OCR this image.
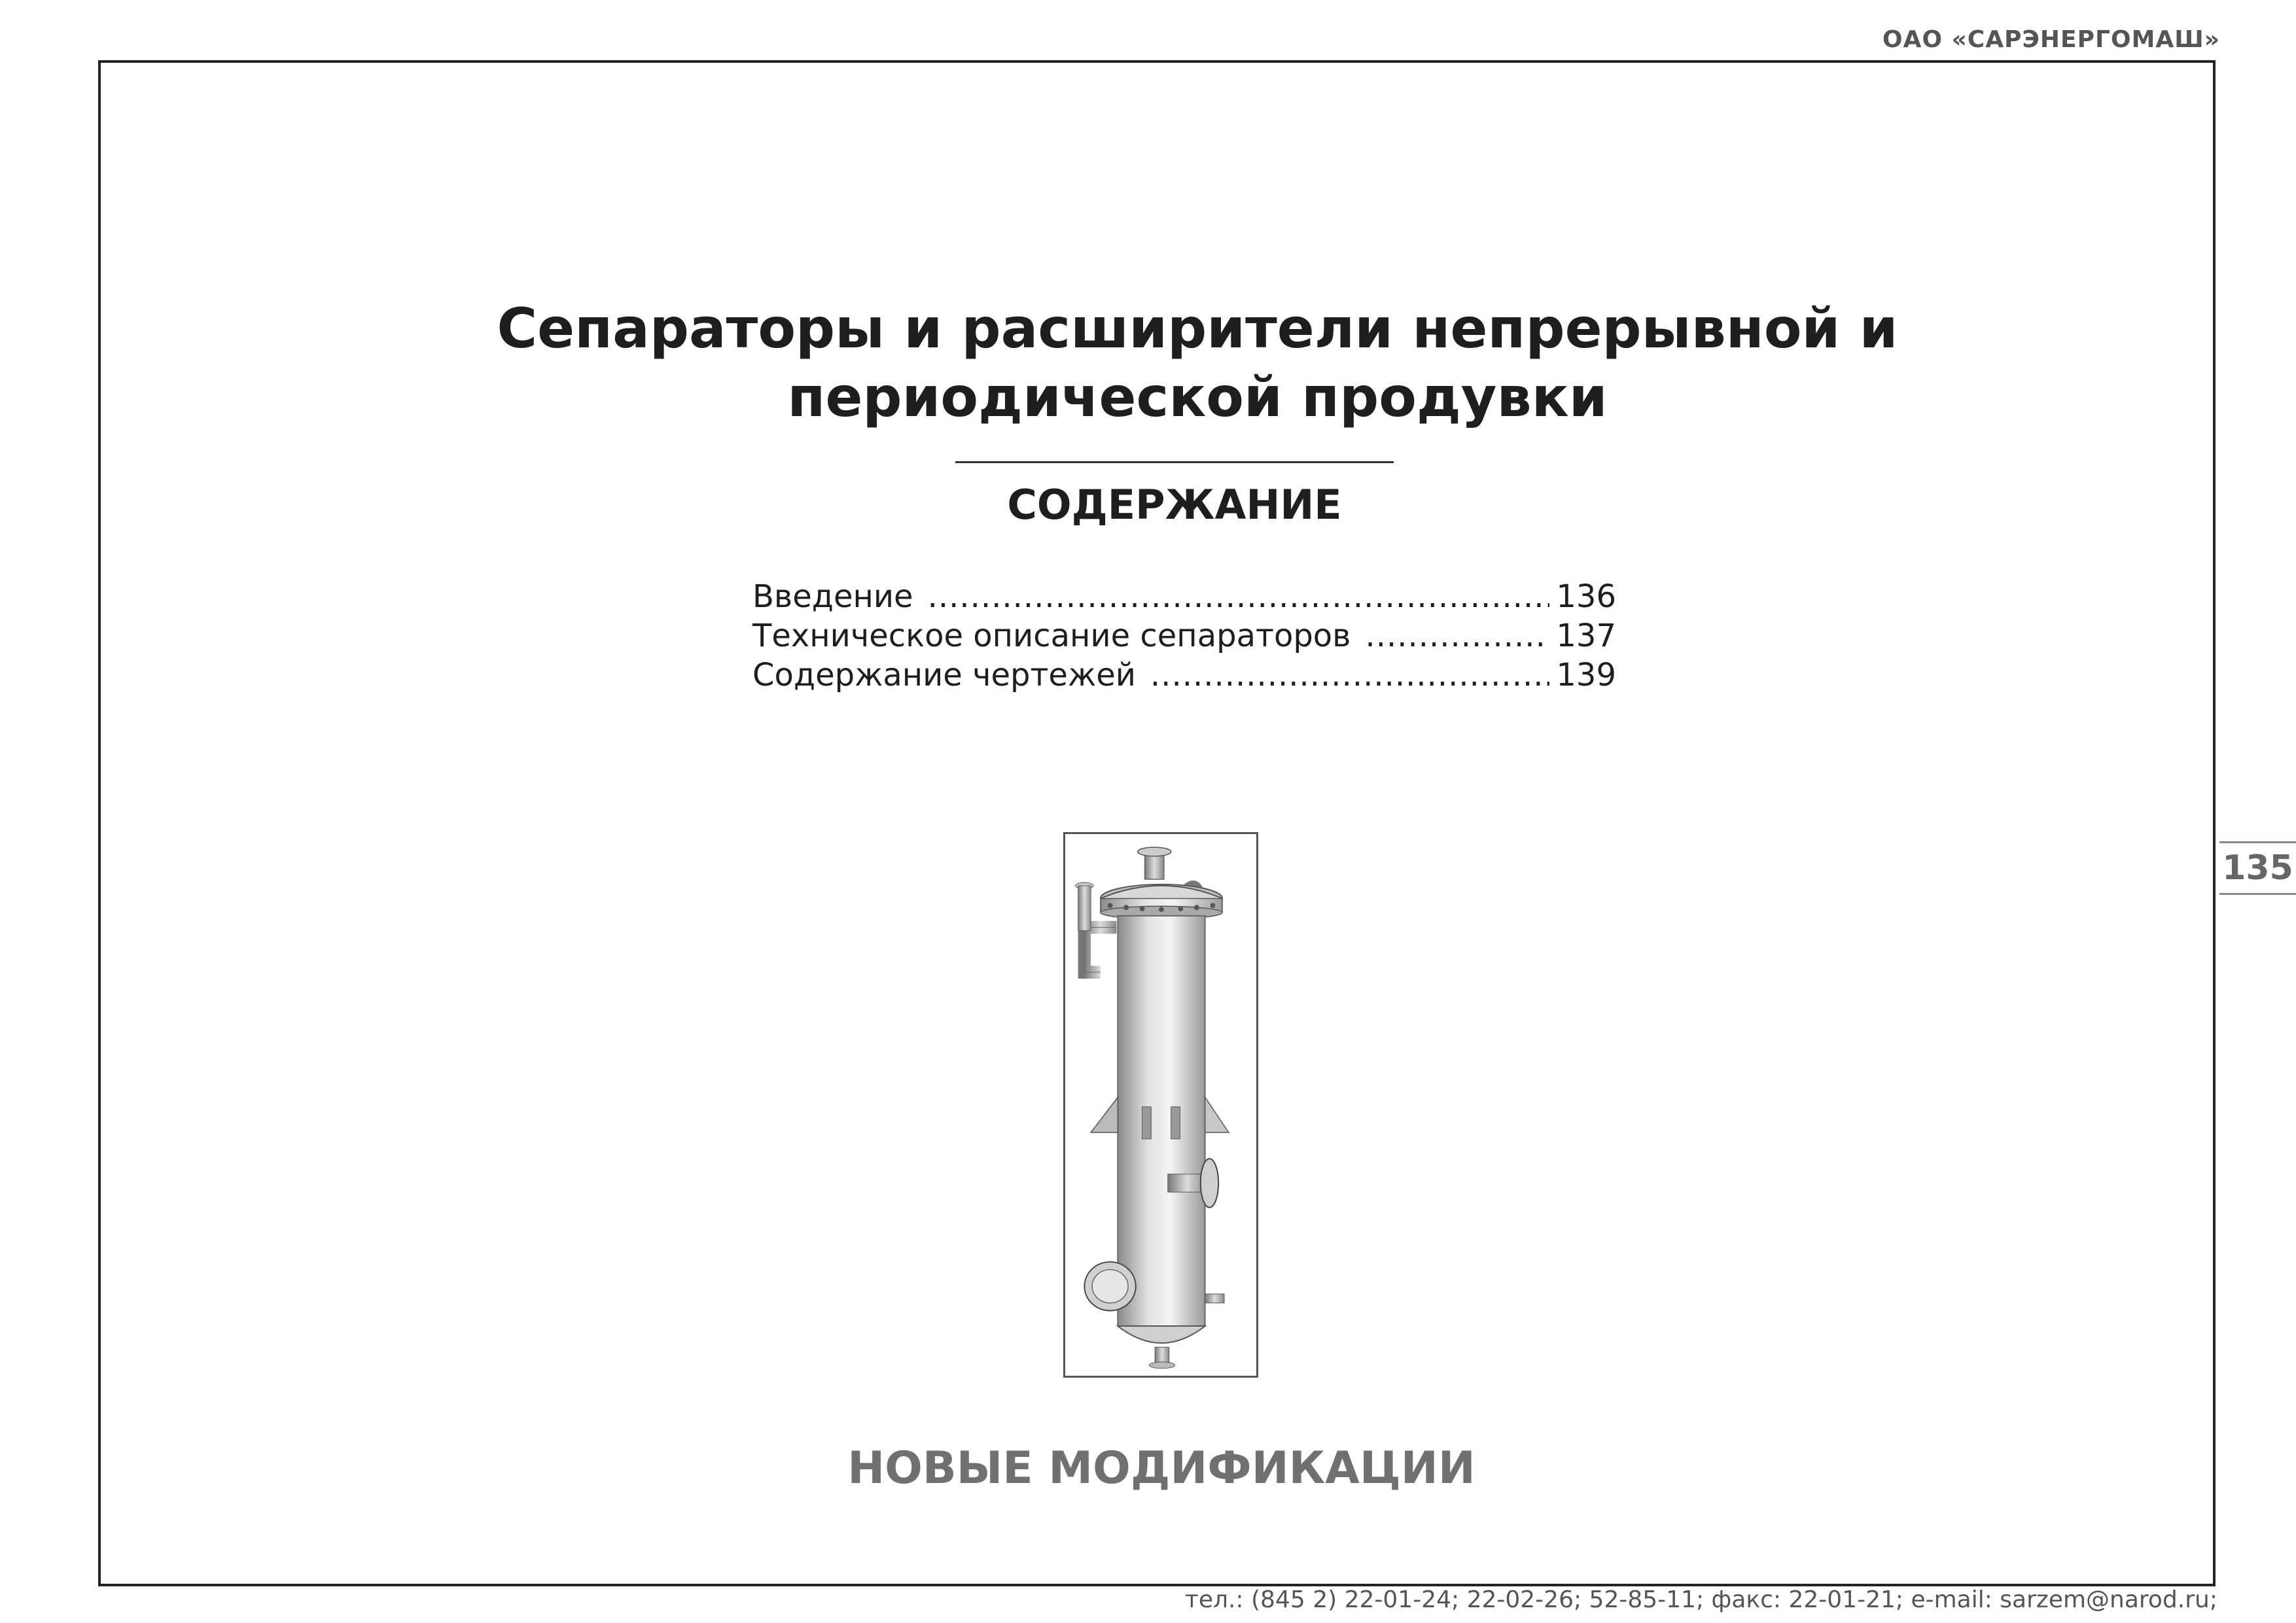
ОАО «САРЭНЕРГОМАШ»
Сепараторы и расширители непрерывной и
периодической продувки
СОДЕРЖАНИЕ
Введение .....	136
Техническое описание сепараторов .....	137
Содержание чертежей .....	139
135
НОВЫЕ МОДИФИКАЦИИ
тел.: (845 2) 22-01-24; 22-02-26; 52-85-11; факс: 22-01-21; e-mail: sarzem@narod.ru;
